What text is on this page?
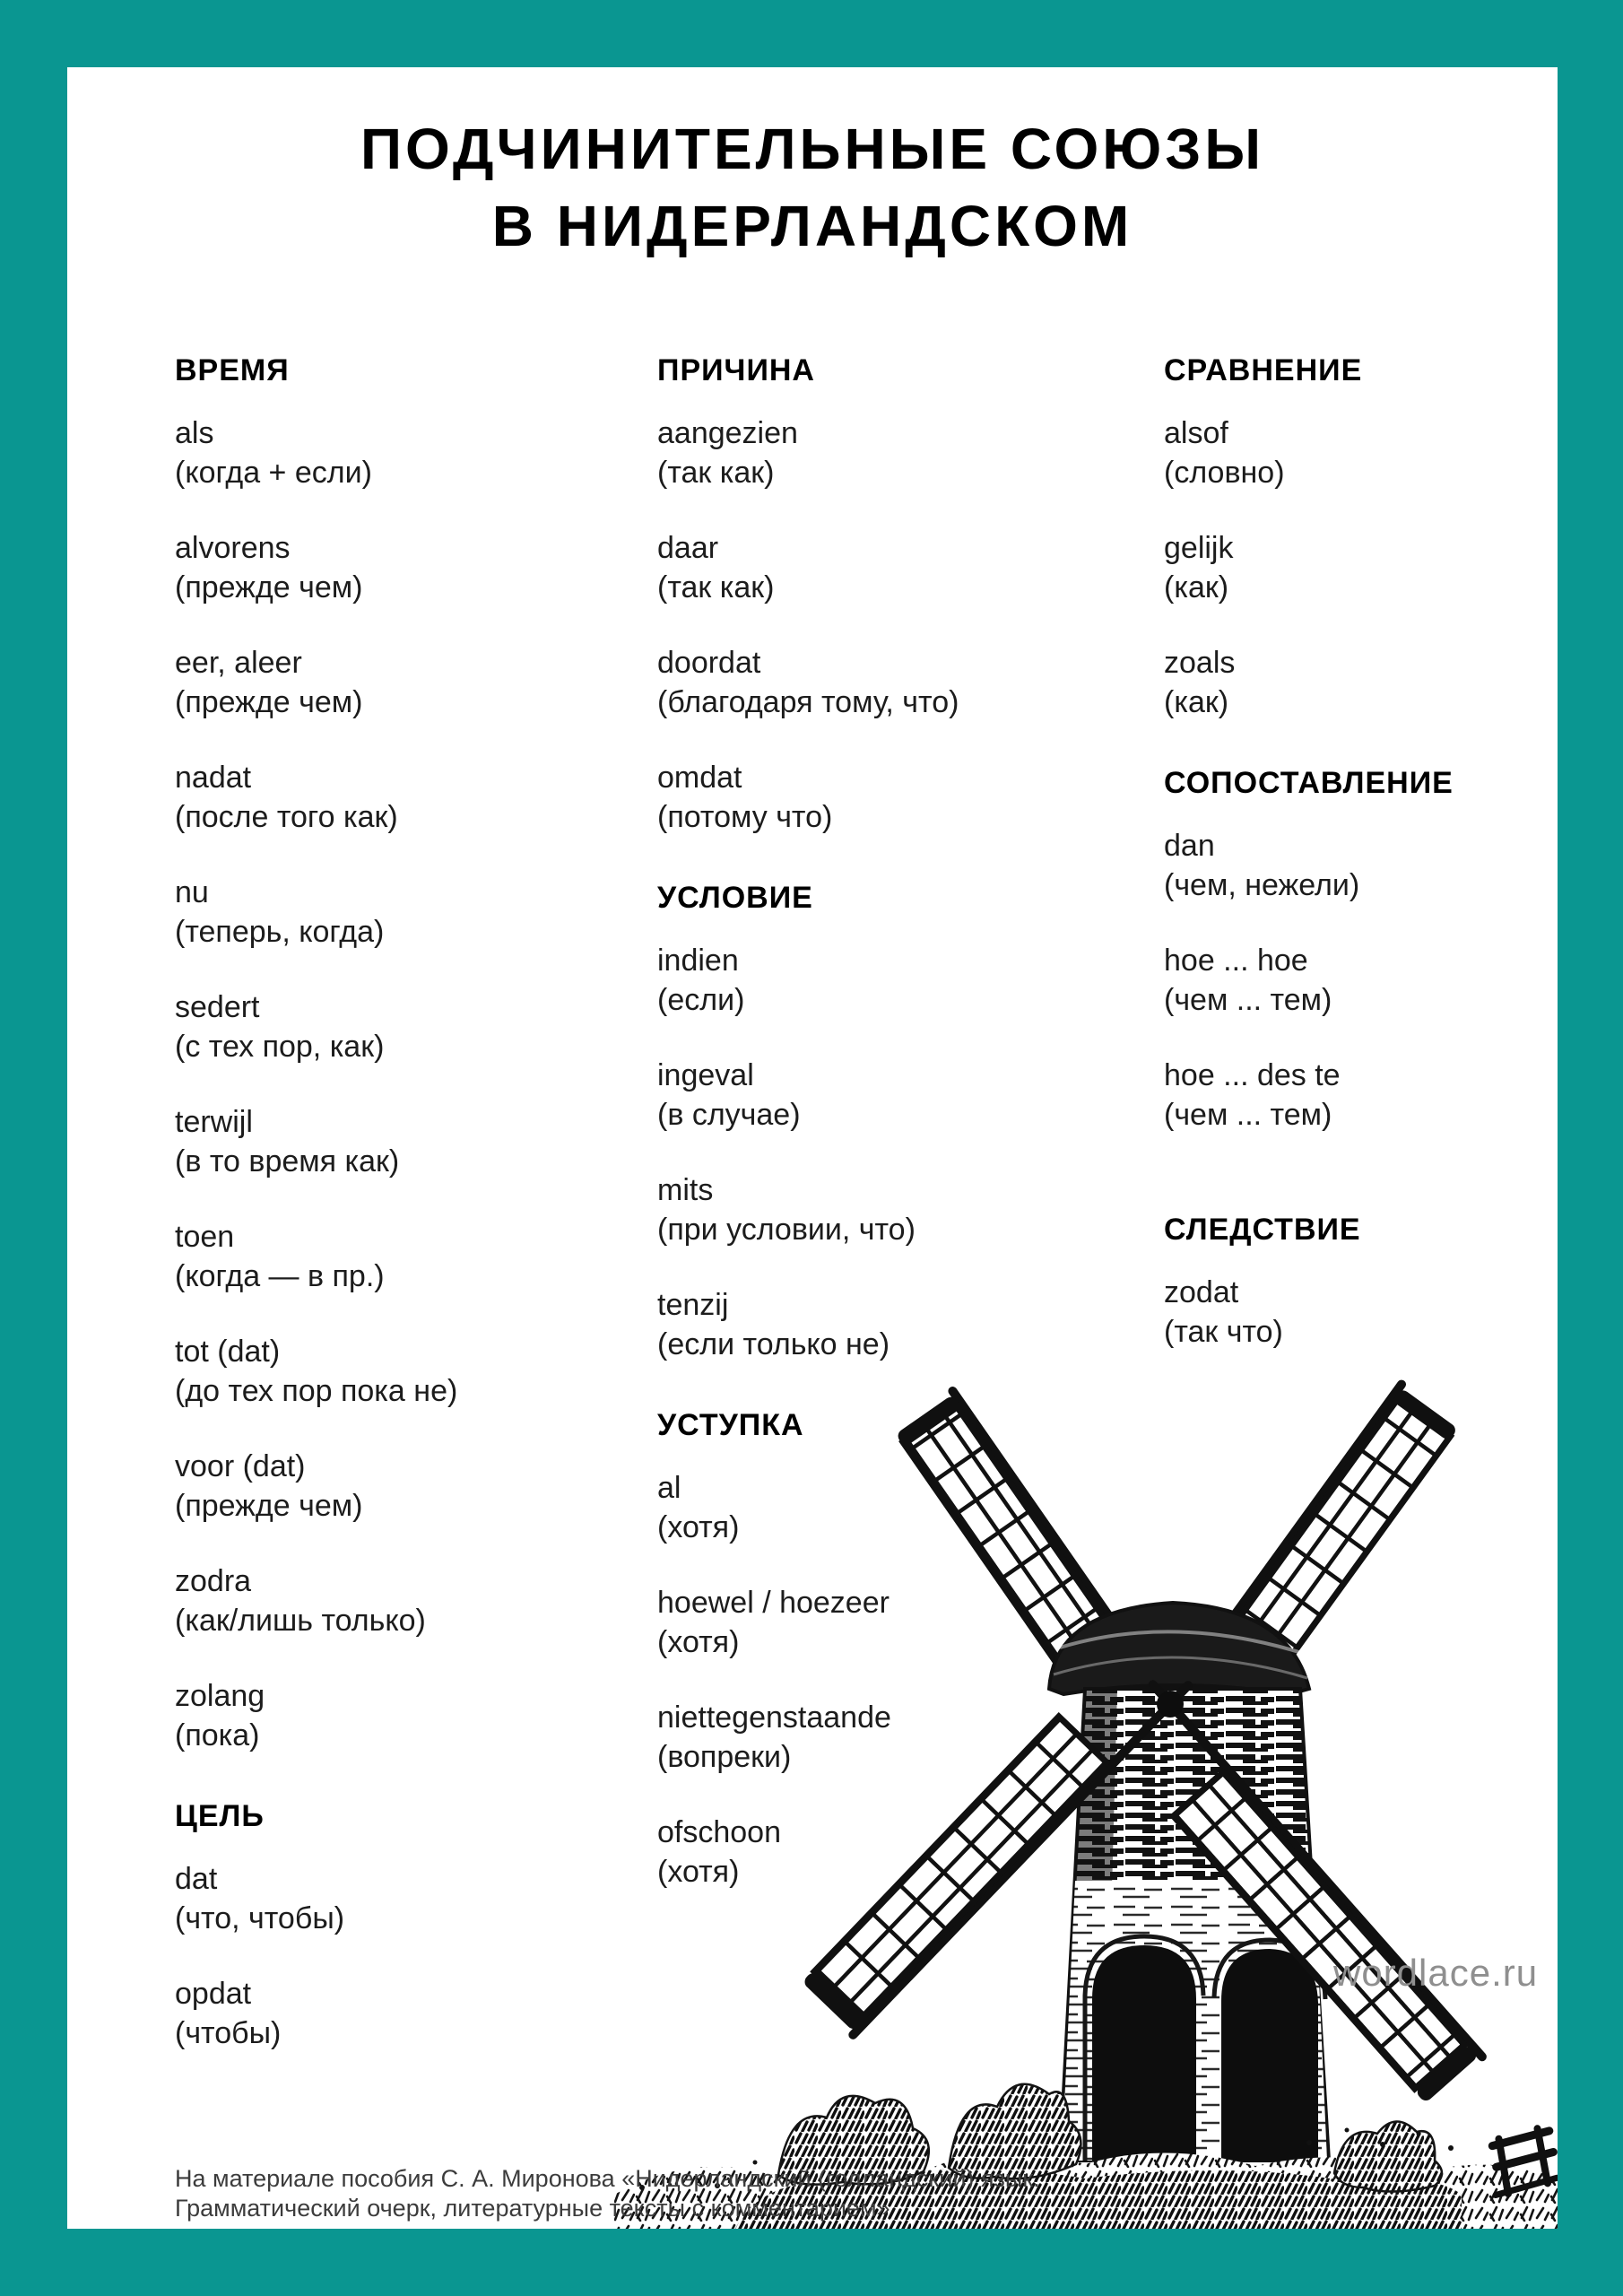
ПОДЧИНИТЕЛЬНЫЕ СОЮЗЫ
В НИДЕРЛАНДСКОМ
ВРЕМЯ
als
(когда + если)
alvorens
(прежде чем)
eer, aleer
(прежде чем)
nadat
(после того как)
nu
(теперь, когда)
sedert
(с тех пор, как)
terwijl
(в то время как)
toen
(когда — в пр.)
tot (dat)
(до тех пор пока не)
voor (dat)
(прежде чем)
zodra
(как/лишь только)
zolang
(пока)
ЦЕЛЬ
dat
(что, чтобы)
opdat
(чтобы)
ПРИЧИНА
aangezien
(так как)
daar
(так как)
doordat
(благодаря тому, что)
omdat
(потому что)
УСЛОВИЕ
indien
(если)
ingeval
(в случае)
mits
(при условии, что)
tenzij
(если только не)
УСТУПКА
al
(хотя)
hoewel / hoezeer
(хотя)
niettegenstaande
(вопреки)
ofschoon
(хотя)
СРАВНЕНИЕ
alsof
(словно)
gelijk
(как)
zoals
(как)
СОПОСТАВЛЕНИЕ
dan
(чем, нежели)
hoe ... hoe
(чем ... тем)
hoe ... des te
(чем ... тем)
СЛЕДСТВИЕ
zodat
(так что)
wordlace.ru
На материале пособия С. А. Миронова «Нидерландский (голландский) язык.
Грамматический очерк, литературные тексты с комментарием»
